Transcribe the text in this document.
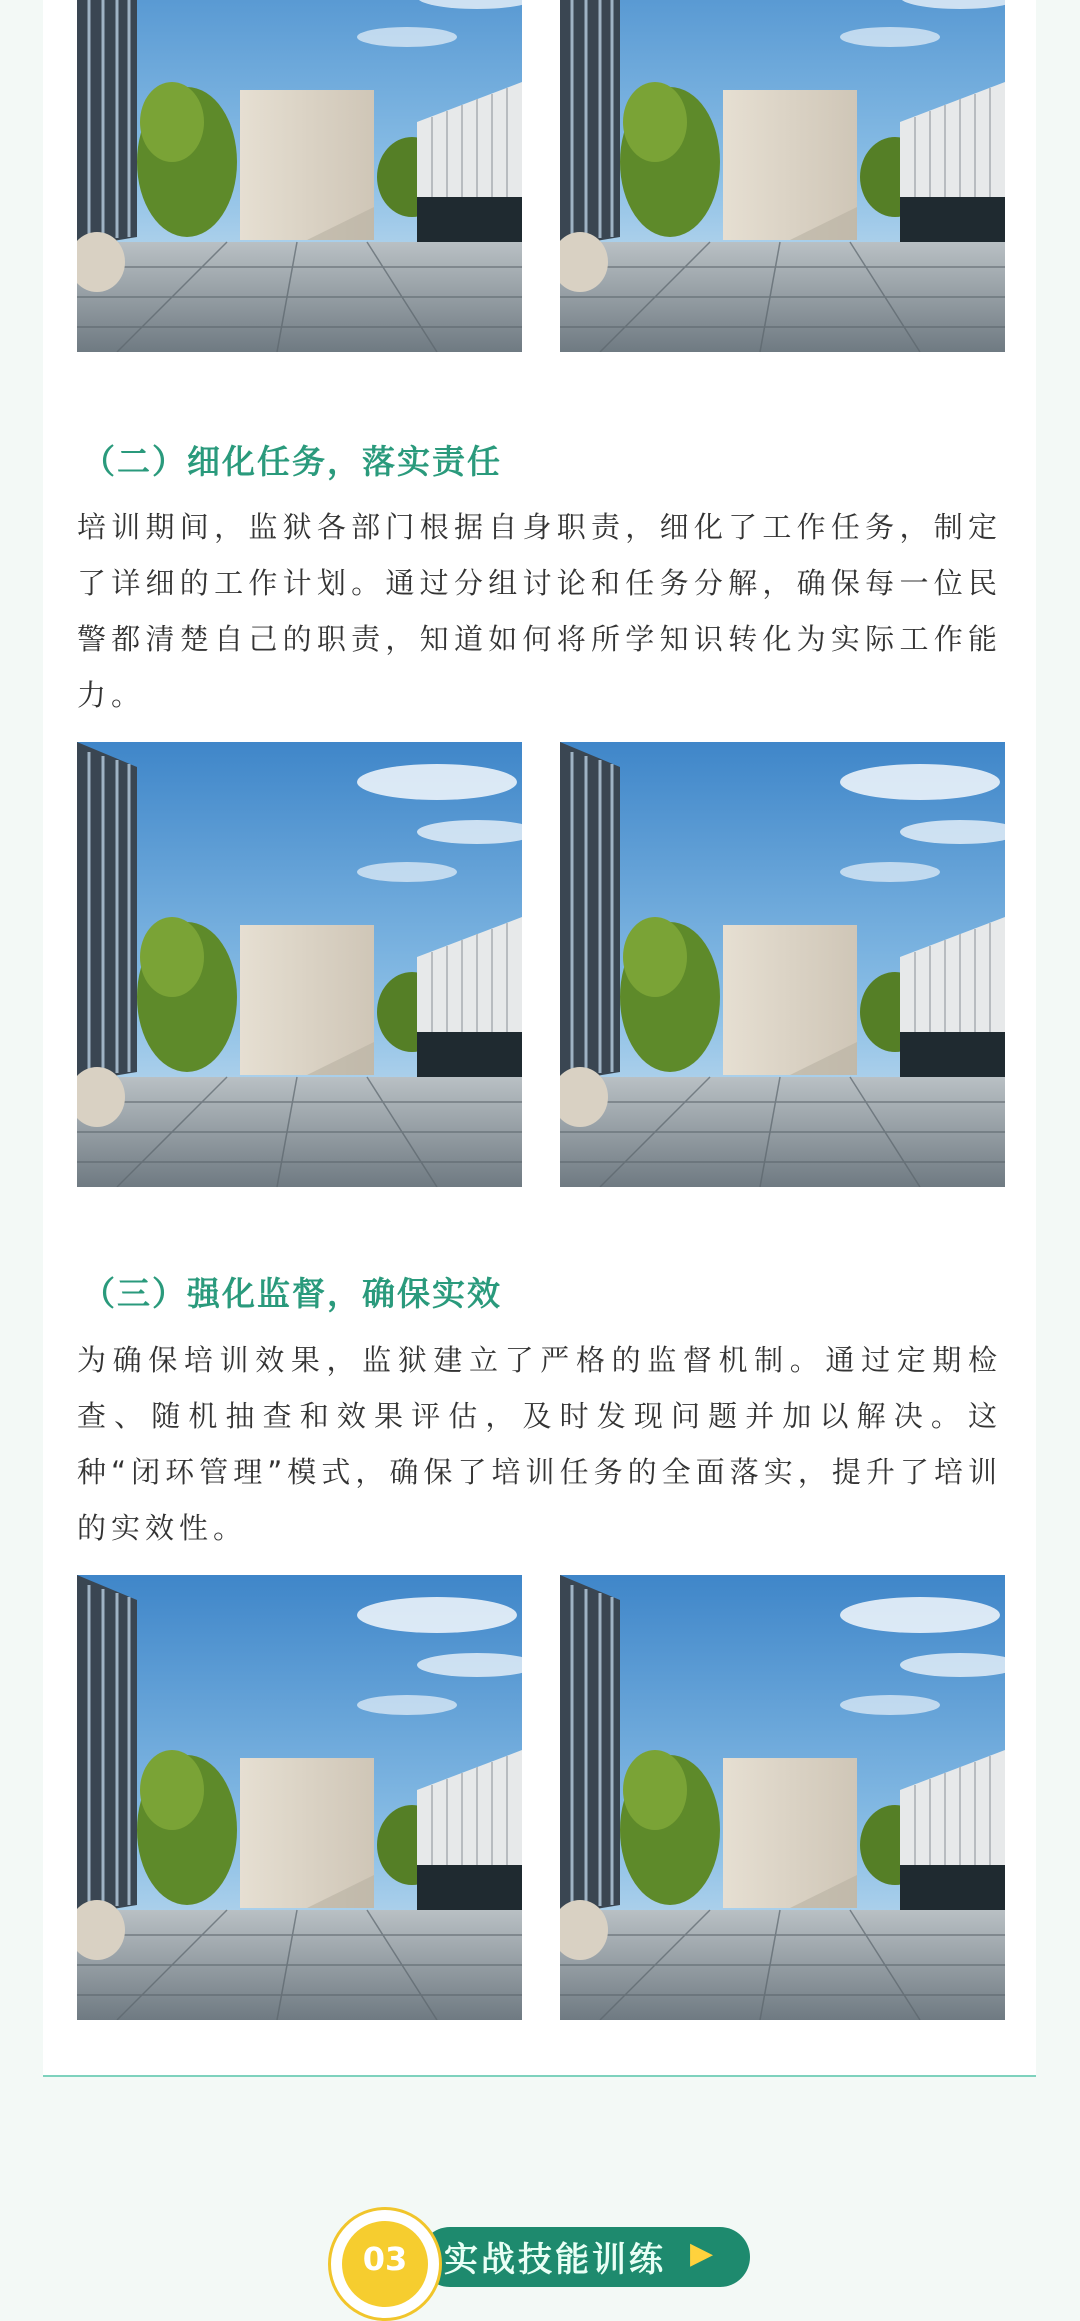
（二）细化任务，落实责任

培训期间，监狱各部门根据自身职责，细化了工作任务，制定了详细的工作计划。通过分组讨论和任务分解，确保每一位民警都清楚自己的职责，知道如何将所学知识转化为实际工作能力。

（三）强化监督，确保实效

为确保培训效果，监狱建立了严格的监督机制。通过定期检查、随机抽查和效果评估，及时发现问题并加以解决。这种“闭环管理”模式，确保了培训任务的全面落实，提升了培训的实效性。

实战技能训练 ▶
03
